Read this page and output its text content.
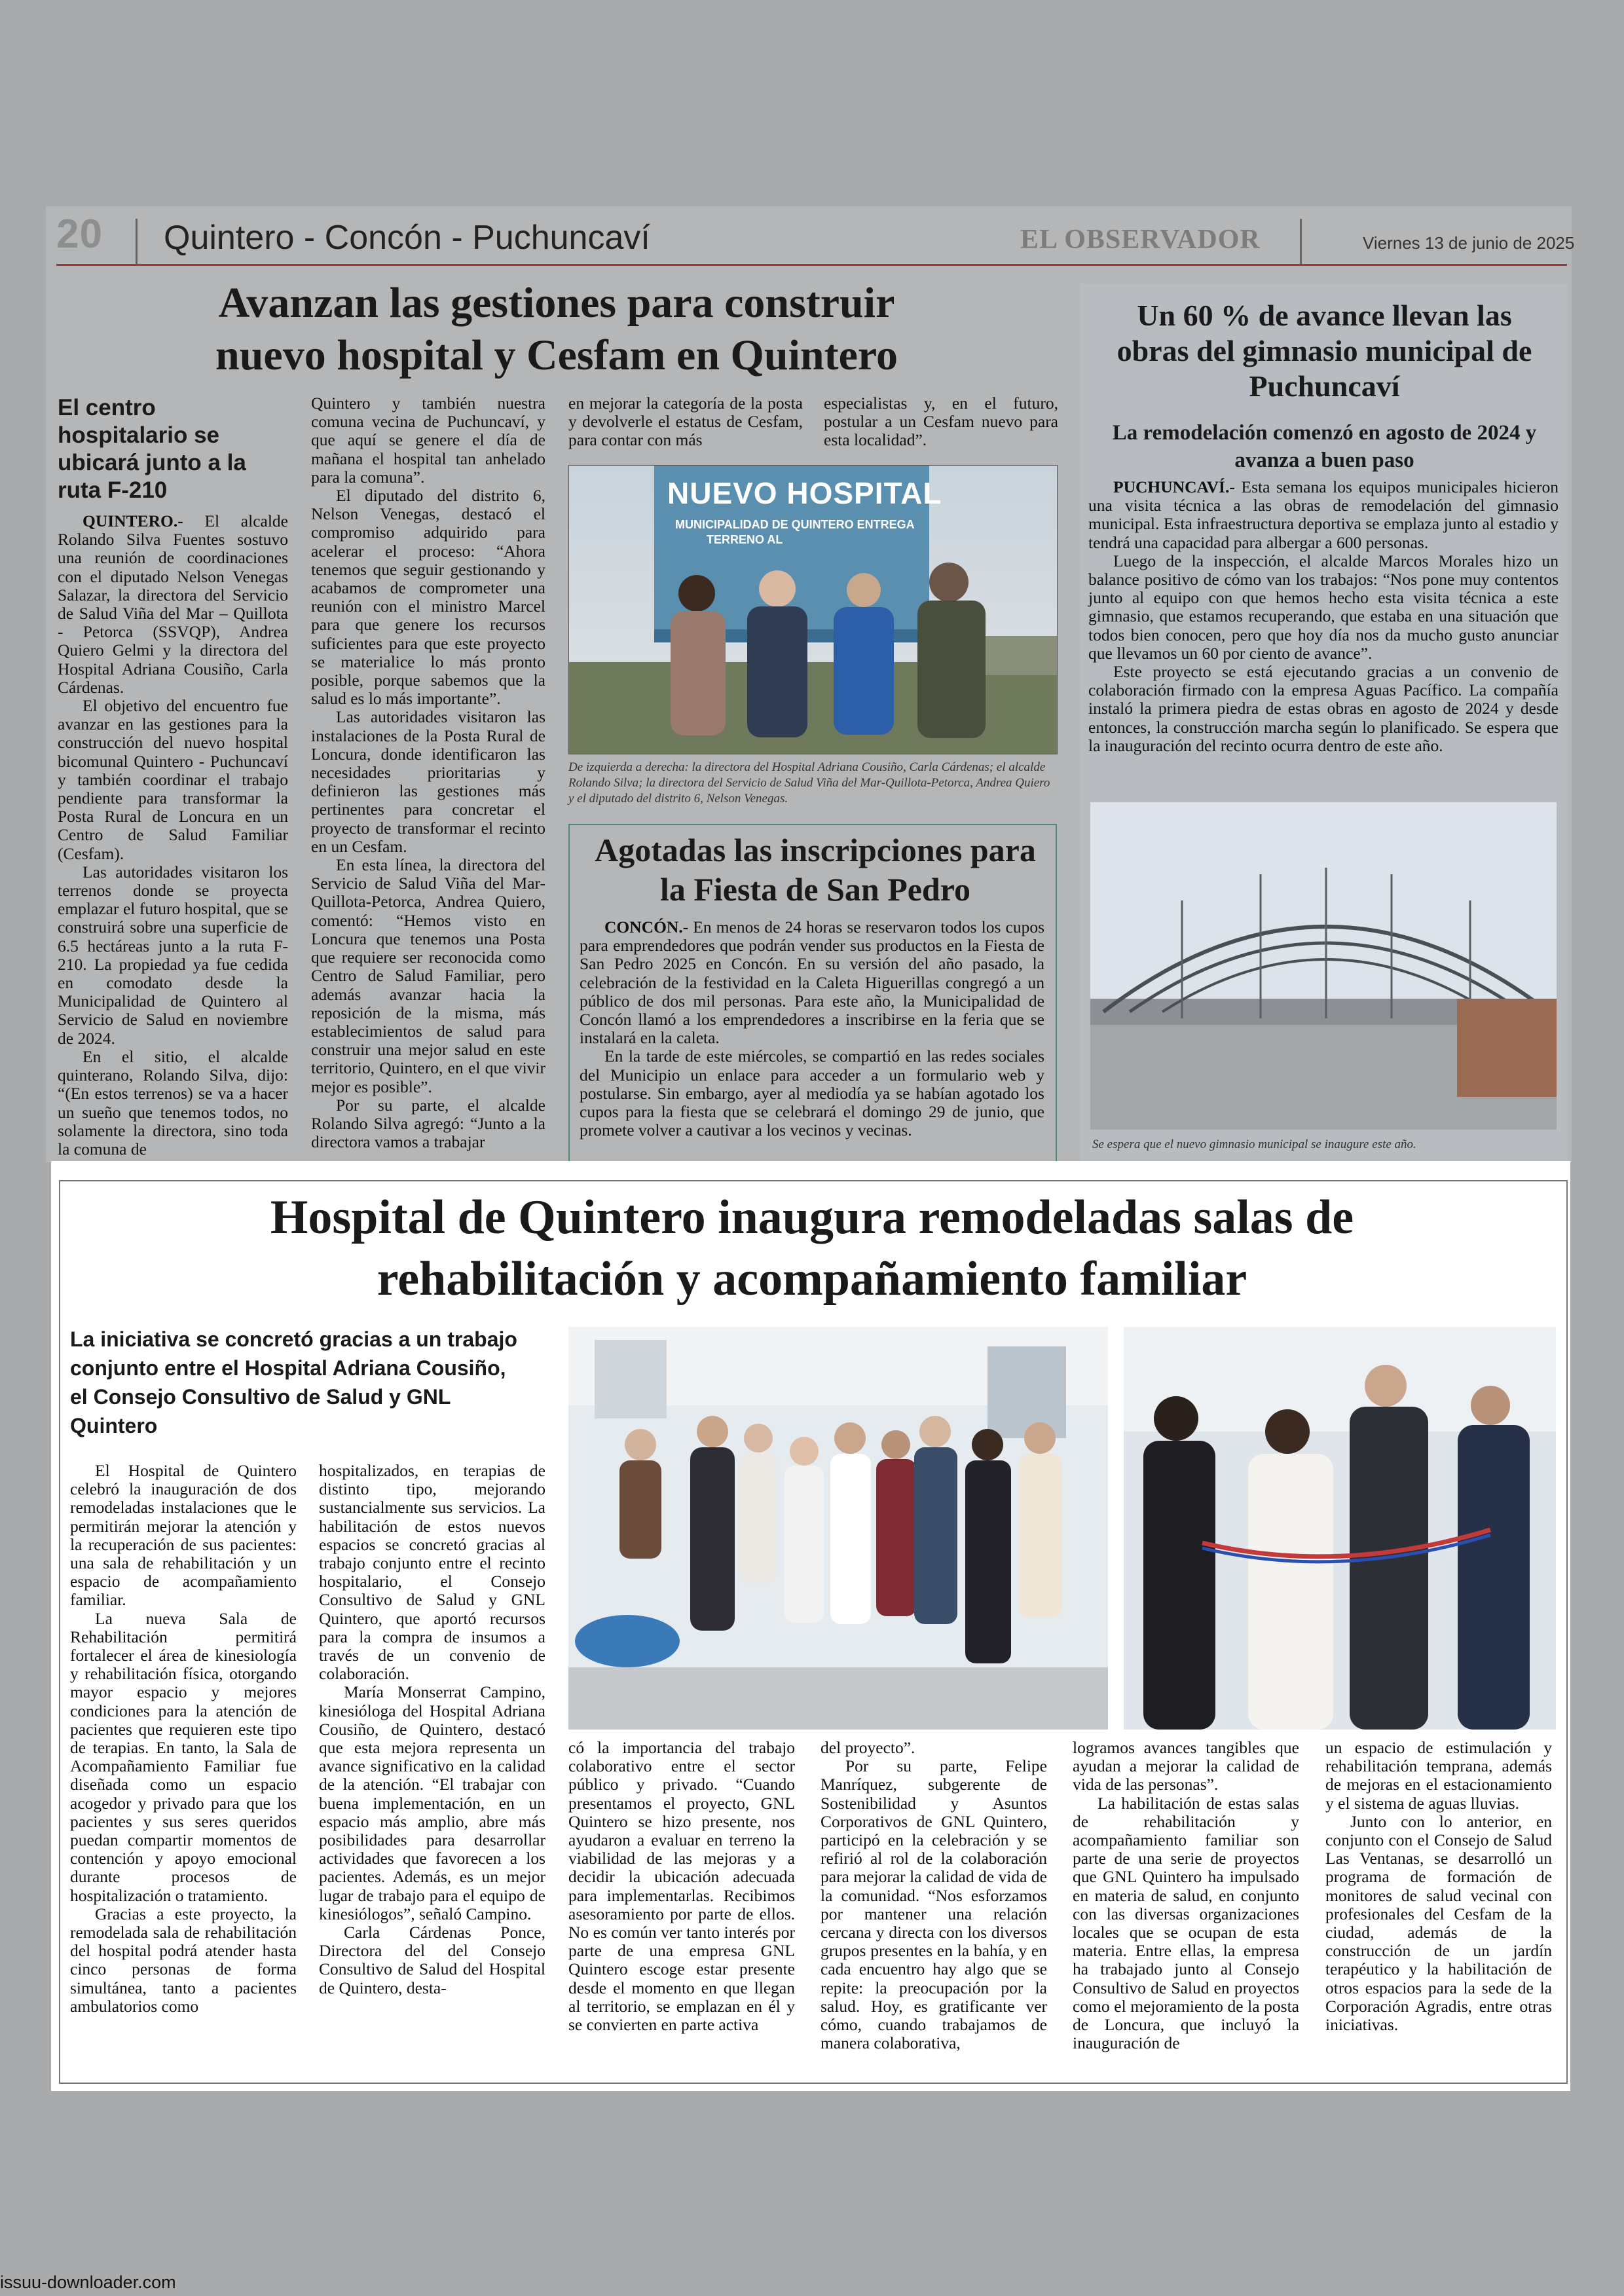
20 Quintero - Concón - Puchuncaví	EL OBSERVADOR	Viernes 13 de junio de 2025
Avanzan las gestiones para construir nuevo hospital y Cesfam en Quintero
El centro hospitalario se ubicará junto a la ruta F-210

QUINTERO.- El alcalde Rolando Silva Fuentes sostuvo una reunión de coordinaciones con el diputado Nelson Venegas Salazar, la directora del Servicio de Salud Viña del Mar – Quillota - Petorca (SSVQP), Andrea Quiero Gelmi y la directora del Hospital Adriana Cousiño, Carla Cárdenas.

El objetivo del encuentro fue avanzar en las gestiones para la construcción del nuevo hospital bicomunal Quintero - Puchuncaví y también coordinar el trabajo pendiente para transformar la Posta Rural de Loncura en un Centro de Salud Familiar (Cesfam).

Las autoridades visitaron los terrenos donde se proyecta emplazar el futuro hospital, que se construirá sobre una superficie de 6.5 hectáreas junto a la ruta F-210. La propiedad ya fue cedida en comodato desde la Municipalidad de Quintero al Servicio de Salud en noviembre de 2024.

En el sitio, el alcalde quinterano, Rolando Silva, dijo: “(En estos terrenos) se va a hacer un sueño que tenemos todos, no solamente la directora, sino toda la comuna de

Quintero y también nuestra comuna vecina de Puchuncaví, y que aquí se genere el día de mañana el hospital tan anhelado para la comuna”.

El diputado del distrito 6, Nelson Venegas, destacó el compromiso adquirido para acelerar el proceso: “Ahora tenemos que seguir gestionando y acabamos de comprometer una reunión con el ministro Marcel para que genere los recursos suficientes para que este proyecto se materialice lo más pronto posible, porque sabemos que la salud es lo más importante”.

Las autoridades visitaron las instalaciones de la Posta Rural de Loncura, donde identificaron las necesidades prioritarias y definieron las gestiones más pertinentes para concretar el proyecto de transformar el recinto en un Cesfam.

En esta línea, la directora del Servicio de Salud Viña del Mar-Quillota-Petorca, Andrea Quiero, comentó: “Hemos visto en Loncura que tenemos una Posta que requiere ser reconocida como Centro de Salud Familiar, pero además avanzar hacia la reposición de la misma, más establecimientos de salud para construir una mejor salud en este territorio, Quintero, en el que vivir mejor es posible”.

Por su parte, el alcalde Rolando Silva agregó: “Junto a la directora vamos a trabajar

en mejorar la categoría de la posta y devolverle el estatus de Cesfam, para contar con más

especialistas y, en el futuro, postular a un Cesfam nuevo para esta localidad”.

NUEVO HOSPITAL
MUNICIPALIDAD DE QUINTERO ENTREGA
TERRENO AL
De izquierda a derecha: la directora del Hospital Adriana Cousiño, Carla Cárdenas; el alcalde Rolando Silva; la directora del Servicio de Salud Viña del Mar-Quillota-Petorca, Andrea Quiero y el diputado del distrito 6, Nelson Venegas.
Agotadas las inscripciones para la Fiesta de San Pedro

CONCÓN.- En menos de 24 horas se reservaron todos los cupos para emprendedores que podrán vender sus productos en la Fiesta de San Pedro 2025 en Concón. En su versión del año pasado, la celebración de la festividad en la Caleta Higuerillas congregó a un público de dos mil personas. Para este año, la Municipalidad de Concón llamó a los emprendedores a inscribirse en la feria que se instalará en la caleta.

En la tarde de este miércoles, se compartió en las redes sociales del Municipio un enlace para acceder a un formulario web y postularse. Sin embargo, ayer al mediodía ya se habían agotado los cupos para la fiesta que se celebrará el domingo 29 de junio, que promete volver a cautivar a los vecinos y vecinas.

Un 60 % de avance llevan las obras del gimnasio municipal de Puchuncaví
La remodelación comenzó en agosto de 2024 y avanza a buen paso

PUCHUNCAVÍ.- Esta semana los equipos municipales hicieron una visita técnica a las obras de remodelación del gimnasio municipal. Esta infraestructura deportiva se emplaza junto al estadio y tendrá una capacidad para albergar a 600 personas.

Luego de la inspección, el alcalde Marcos Morales hizo un balance positivo de cómo van los trabajos: “Nos pone muy contentos junto al equipo con que hemos hecho esta visita técnica a este gimnasio, que estamos recuperando, que estaba en una situación que todos bien conocen, pero que hoy día nos da mucho gusto anunciar que llevamos un 60 por ciento de avance”.

Este proyecto se está ejecutando gracias a un convenio de colaboración firmado con la empresa Aguas Pacífico. La compañía instaló la primera piedra de estas obras en agosto de 2024 y desde entonces, la construcción marcha según lo planificado. Se espera que la inauguración del recinto ocurra dentro de este año.

Se espera que el nuevo gimnasio municipal se inaugure este año.
Hospital de Quintero inaugura remodeladas salas de rehabilitación y acompañamiento familiar
La iniciativa se concretó gracias a un trabajo conjunto entre el Hospital Adriana Cousiño, el Consejo Consultivo de Salud y GNL Quintero

El Hospital de Quintero celebró la inauguración de dos remodeladas instalaciones que le permitirán mejorar la atención y la recuperación de sus pacientes: una sala de rehabilitación y un espacio de acompañamiento familiar.

La nueva Sala de Rehabilitación permitirá fortalecer el área de kinesiología y rehabilitación física, otorgando mayor espacio y mejores condiciones para la atención de pacientes que requieren este tipo de terapias. En tanto, la Sala de Acompañamiento Familiar fue diseñada como un espacio acogedor y privado para que los pacientes y sus seres queridos puedan compartir momentos de contención y apoyo emocional durante procesos de hospitalización o tratamiento.

Gracias a este proyecto, la remodelada sala de rehabilitación del hospital podrá atender hasta cinco personas de forma simultánea, tanto a pacientes ambulatorios como

hospitalizados, en terapias de distinto tipo, mejorando sustancialmente sus servicios. La habilitación de estos nuevos espacios se concretó gracias al trabajo conjunto entre el recinto hospitalario, el Consejo Consultivo de Salud y GNL Quintero, que aportó recursos para la compra de insumos a través de un convenio de colaboración.

María Monserrat Campino, kinesióloga del Hospital Adriana Cousiño, de Quintero, destacó que esta mejora representa un avance significativo en la calidad de la atención. “El trabajar con buena implementación, en un espacio más amplio, abre más posibilidades para desarrollar actividades que favorecen a los pacientes. Además, es un mejor lugar de trabajo para el equipo de kinesiólogos”, señaló Campino.

Carla Cárdenas Ponce, Directora del del Consejo Consultivo de Salud del Hospital de Quintero, desta-

có la importancia del trabajo colaborativo entre el sector público y privado. “Cuando presentamos el proyecto, GNL Quintero se hizo presente, nos ayudaron a evaluar en terreno la viabilidad de las mejoras y a decidir la ubicación adecuada para implementarlas. Recibimos asesoramiento por parte de ellos. No es común ver tanto interés por parte de una empresa GNL Quintero escoge estar presente desde el momento en que llegan al territorio, se emplazan en él y se convierten en parte activa

del proyecto”.

Por su parte, Felipe Manríquez, subgerente de Sostenibilidad y Asuntos Corporativos de GNL Quintero, participó en la celebración y se refirió al rol de la colaboración para mejorar la calidad de vida de la comunidad. “Nos esforzamos por mantener una relación cercana y directa con los diversos grupos presentes en la bahía, y en cada encuentro hay algo que se repite: la preocupación por la salud. Hoy, es gratificante ver cómo, cuando trabajamos de manera colaborativa,

logramos avances tangibles que ayudan a mejorar la calidad de vida de las personas”.

La habilitación de estas salas de rehabilitación y acompañamiento familiar son parte de una serie de proyectos que GNL Quintero ha impulsado en materia de salud, en conjunto con las diversas organizaciones locales que se ocupan de esta materia. Entre ellas, la empresa ha trabajado junto al Consejo Consultivo de Salud en proyectos como el mejoramiento de la posta de Loncura, que incluyó la inauguración de

un espacio de estimulación y rehabilitación temprana, además de mejoras en el estacionamiento y el sistema de aguas lluvias.

Junto con lo anterior, en conjunto con el Consejo de Salud Las Ventanas, se desarrolló un programa de formación de monitores de salud vecinal con profesionales del Cesfam de la ciudad, además de la construcción de un jardín terapéutico y la habilitación de otros espacios para la sede de la Corporación Agradis, entre otras iniciativas.

issuu-downloader.com
